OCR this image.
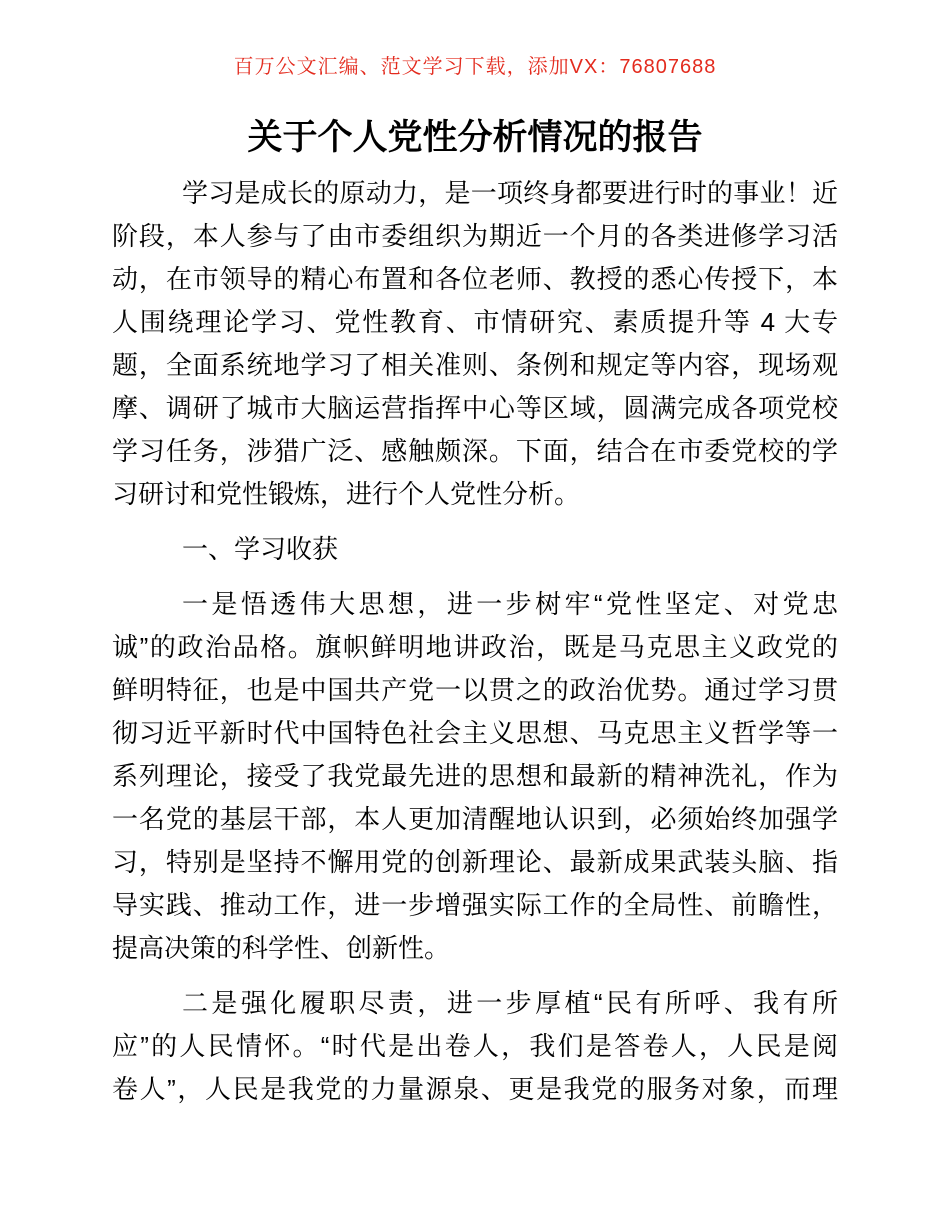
百万公文汇编、范文学习下载，添加VX：76807688
关于个人党性分析情况的报告
学习是成长的原动力，是一项终身都要进行时的事业！近
阶段，本人参与了由市委组织为期近一个月的各类进修学习活
动，在市领导的精心布置和各位老师、教授的悉心传授下，本
人围绕理论学习、党性教育、市情研究、素质提升等 4 大专
题，全面系统地学习了相关准则、条例和规定等内容，现场观
摩、调研了城市大脑运营指挥中心等区域，圆满完成各项党校
学习任务，涉猎广泛、感触颇深。下面，结合在市委党校的学
习研讨和党性锻炼，进行个人党性分析。
一、学习收获
一是悟透伟大思想，进一步树牢“党性坚定、对党忠
诚”的政治品格。旗帜鲜明地讲政治，既是马克思主义政党的
鲜明特征，也是中国共产党一以贯之的政治优势。通过学习贯
彻习近平新时代中国特色社会主义思想、马克思主义哲学等一
系列理论，接受了我党最先进的思想和最新的精神洗礼，作为
一名党的基层干部，本人更加清醒地认识到，必须始终加强学
习，特别是坚持不懈用党的创新理论、最新成果武装头脑、指
导实践、推动工作，进一步增强实际工作的全局性、前瞻性，
提高决策的科学性、创新性。
二是强化履职尽责，进一步厚植“民有所呼、我有所
应”的人民情怀。“时代是出卷人，我们是答卷人，人民是阅
卷人”，人民是我党的力量源泉、更是我党的服务对象，而理
